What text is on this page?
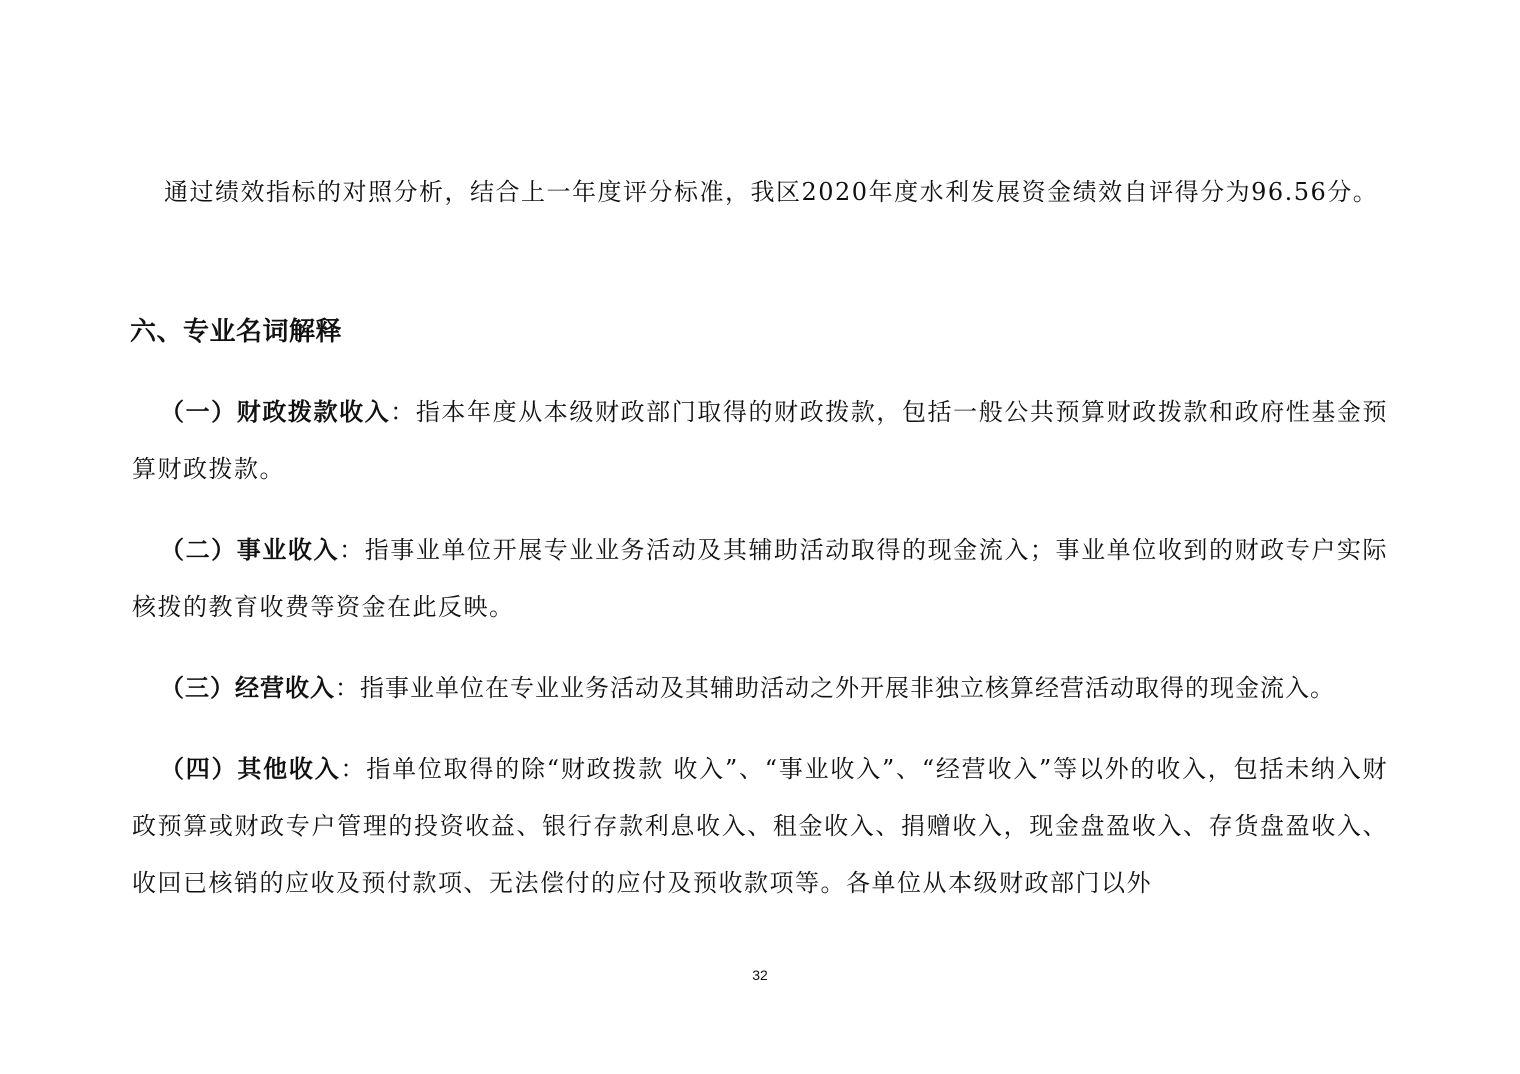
通过绩效指标的对照分析，结合上一年度评分标准，我区2020年度水利发展资金绩效自评得分为96.56分。

六、专业名词解释

（一）财政拨款收入：指本年度从本级财政部门取得的财政拨款，包括一般公共预算财政拨款和政府性基金预算财政拨款。

（二）事业收入：指事业单位开展专业业务活动及其辅助活动取得的现金流入；事业单位收到的财政专户实际核拨的教育收费等资金在此反映。

（三）经营收入：指事业单位在专业业务活动及其辅助活动之外开展非独立核算经营活动取得的现金流入。

（四）其他收入：指单位取得的除“财政拨款 收入”、“事业收入”、“经营收入”等以外的收入，包括未纳入财政预算或财政专户管理的投资收益、银行存款利息收入、租金收入、捐赠收入，现金盘盈收入、存货盘盈收入、收回已核销的应收及预付款项、无法偿付的应付及预收款项等。各单位从本级财政部门以外

32
